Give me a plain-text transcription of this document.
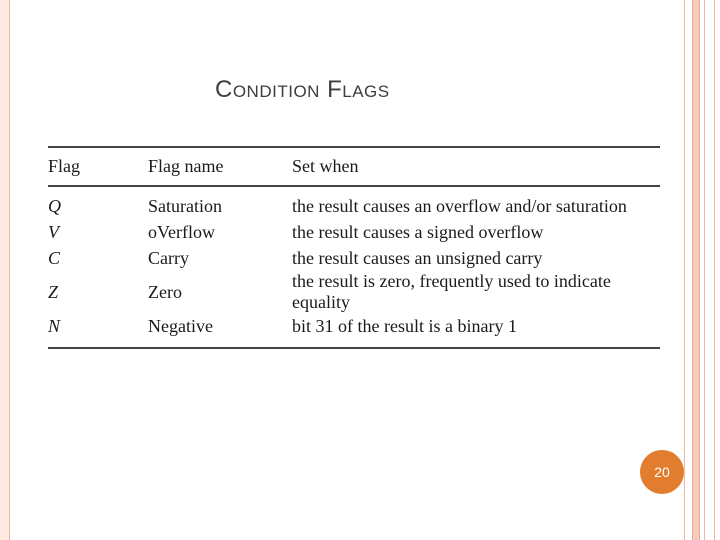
Condition Flags
Flag	Flag name	Set when
Q	Saturation	the result causes an overflow and/or saturation
V	oVerflow	the result causes a signed overflow
C	Carry	the result causes an unsigned carry
Z	Zero	the result is zero, frequently used to indicate equality
N	Negative	bit 31 of the result is a binary 1
20
